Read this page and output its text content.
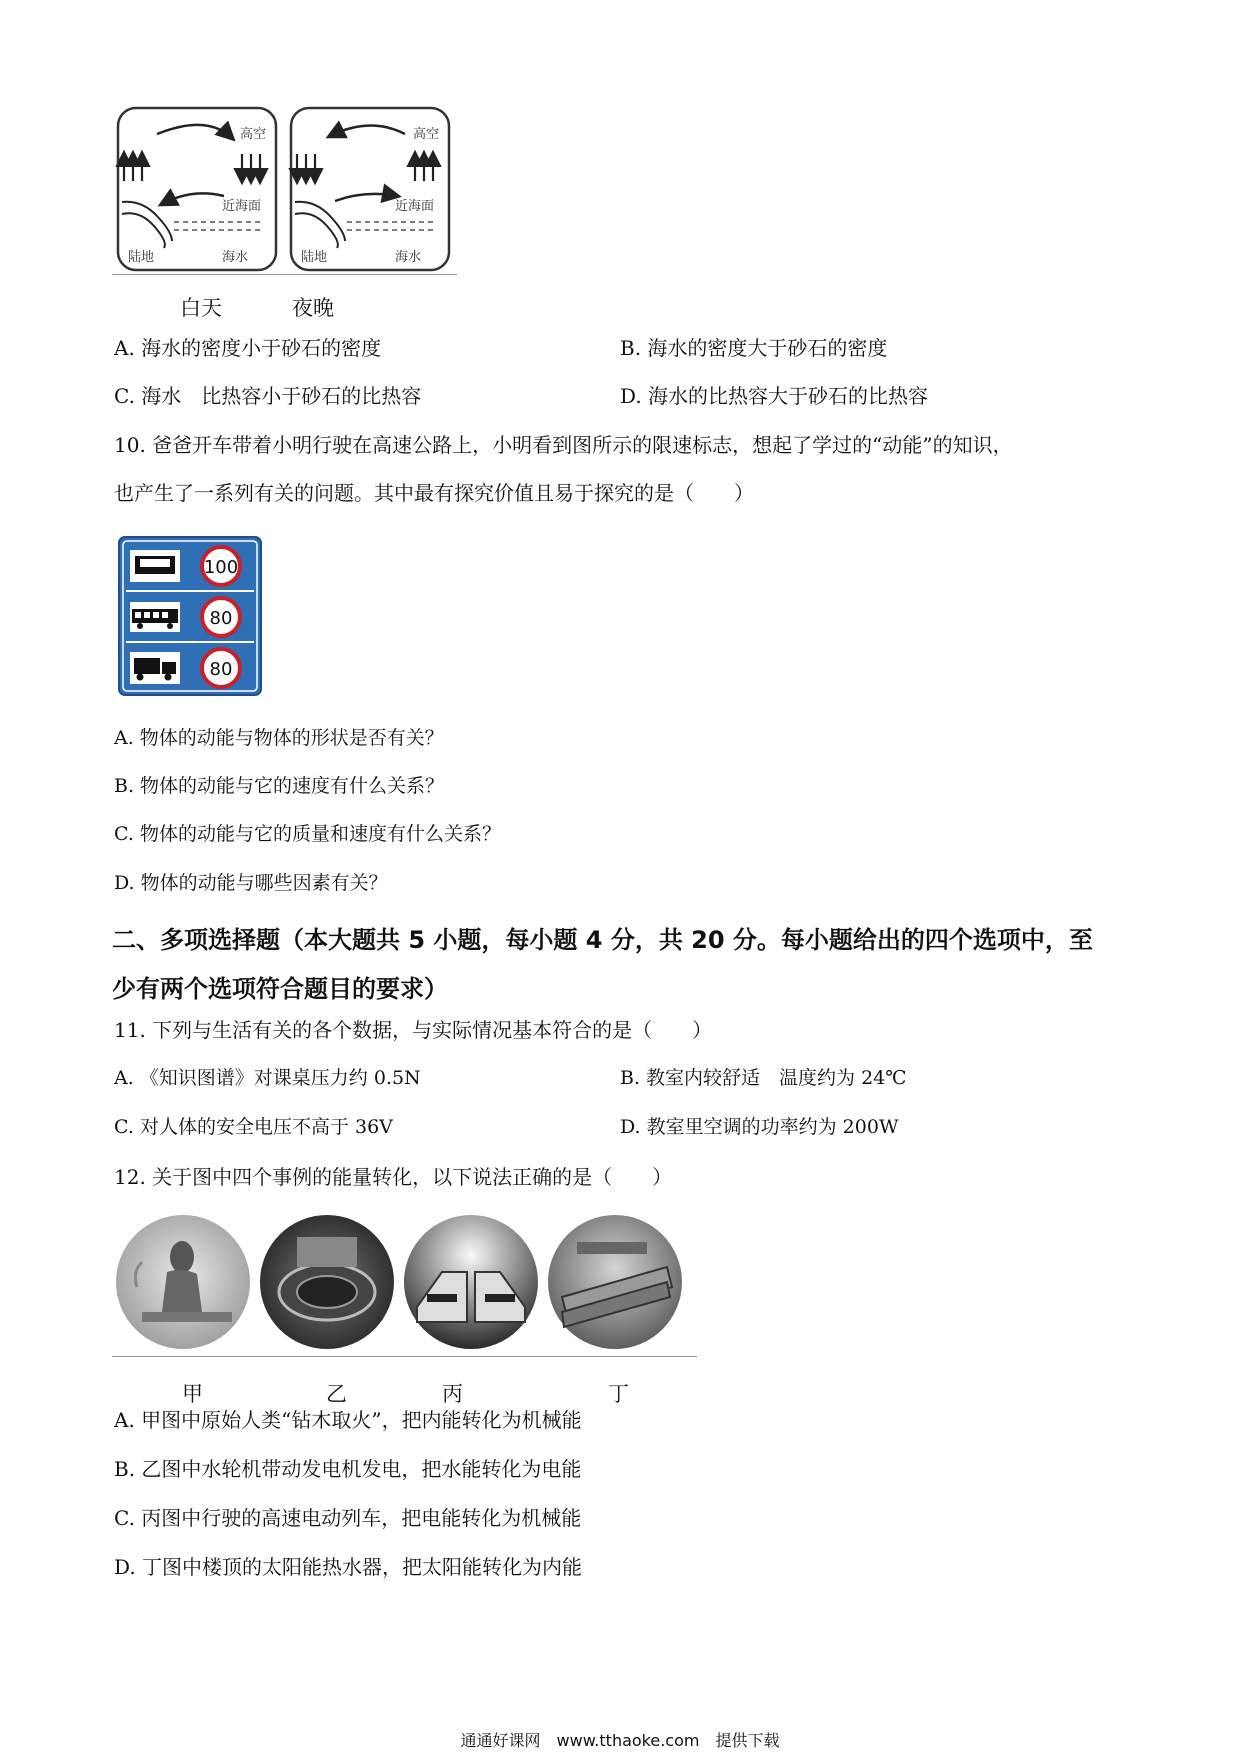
高空
近海面
陆地	海水
高空
近海面
陆地	海水
白天	夜晚
A. 海水的密度小于砂石的密度	B. 海水的密度大于砂石的密度
C. 海水　比热容小于砂石的比热容	D. 海水的比热容大于砂石的比热容
10. 爸爸开车带着小明行驶在高速公路上，小明看到图所示的限速标志，想起了学过的“动能”的知识，
也产生了一系列有关的问题。其中最有探究价值且易于探究的是（　　）
100
80
80
A. 物体的动能与物体的形状是否有关？
B. 物体的动能与它的速度有什么关系？
C. 物体的动能与它的质量和速度有什么关系？
D. 物体的动能与哪些因素有关？
二、多项选择题（本大题共 5 小题，每小题 4 分，共 20 分。每小题给出的四个选项中，至
少有两个选项符合题目的要求）
11. 下列与生活有关的各个数据，与实际情况基本符合的是（　　）
A. 《知识图谱》对课桌压力约 0.5N	B. 教室内较舒适　温度约为 24℃
C. 对人体的安全电压不高于 36V	D. 教室里空调的功率约为 200W
12. 关于图中四个事例的能量转化，以下说法正确的是（　　）
甲	乙	丙	丁
A. 甲图中原始人类“钻木取火”，把内能转化为机械能
B. 乙图中水轮机带动发电机发电，把水能转化为电能
C. 丙图中行驶的高速电动列车，把电能转化为机械能
D. 丁图中楼顶的太阳能热水器，把太阳能转化为内能
通通好课网　www.tthaoke.com　提供下载
